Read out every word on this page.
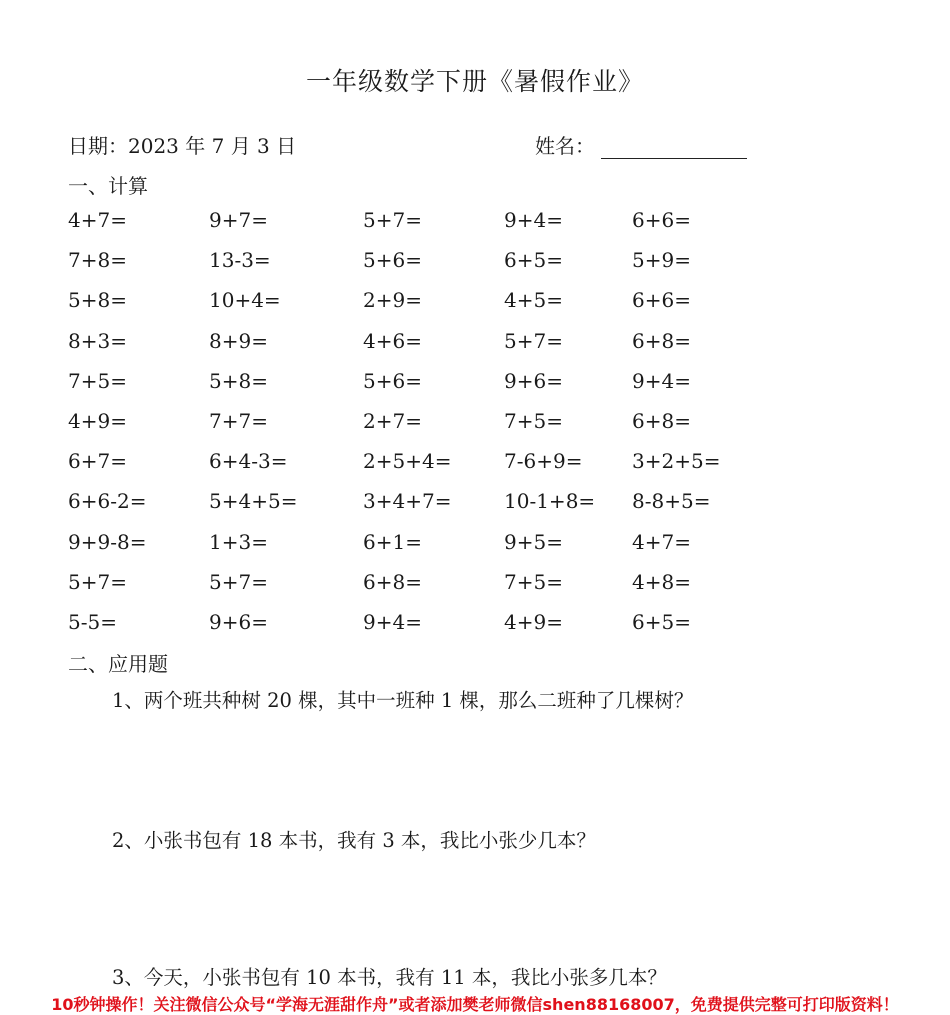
一年级数学下册《暑假作业》
日期：2023 年 7 月 3 日	姓名：
一、计算
4+7=	9+7=	5+7=	9+4=	6+6=
7+8=	13-3=	5+6=	6+5=	5+9=
5+8=	10+4=	2+9=	4+5=	6+6=
8+3=	8+9=	4+6=	5+7=	6+8=
7+5=	5+8=	5+6=	9+6=	9+4=
4+9=	7+7=	2+7=	7+5=	6+8=
6+7=	6+4-3=	2+5+4=	7-6+9= 3+2+5=
6+6-2=	5+4+5=	3+4+7=	10-1+8= 8-8+5=
9+9-8=	1+3=	6+1=	9+5=	4+7=
5+7=	5+7=	6+8=	7+5=	4+8=
5-5=	9+6=	9+4=	4+9=	6+5=
二、应用题
1、两个班共种树 20 棵，其中一班种 1 棵，那么二班种了几棵树？
2、小张书包有 18 本书，我有 3 本，我比小张少几本？
3、今天，小张书包有 10 本书，我有 11 本，我比小张多几本？
10秒钟操作！关注微信公众号“学海无涯甜作舟”或者添加樊老师微信shen88168007，免费提供完整可打印版资料！
